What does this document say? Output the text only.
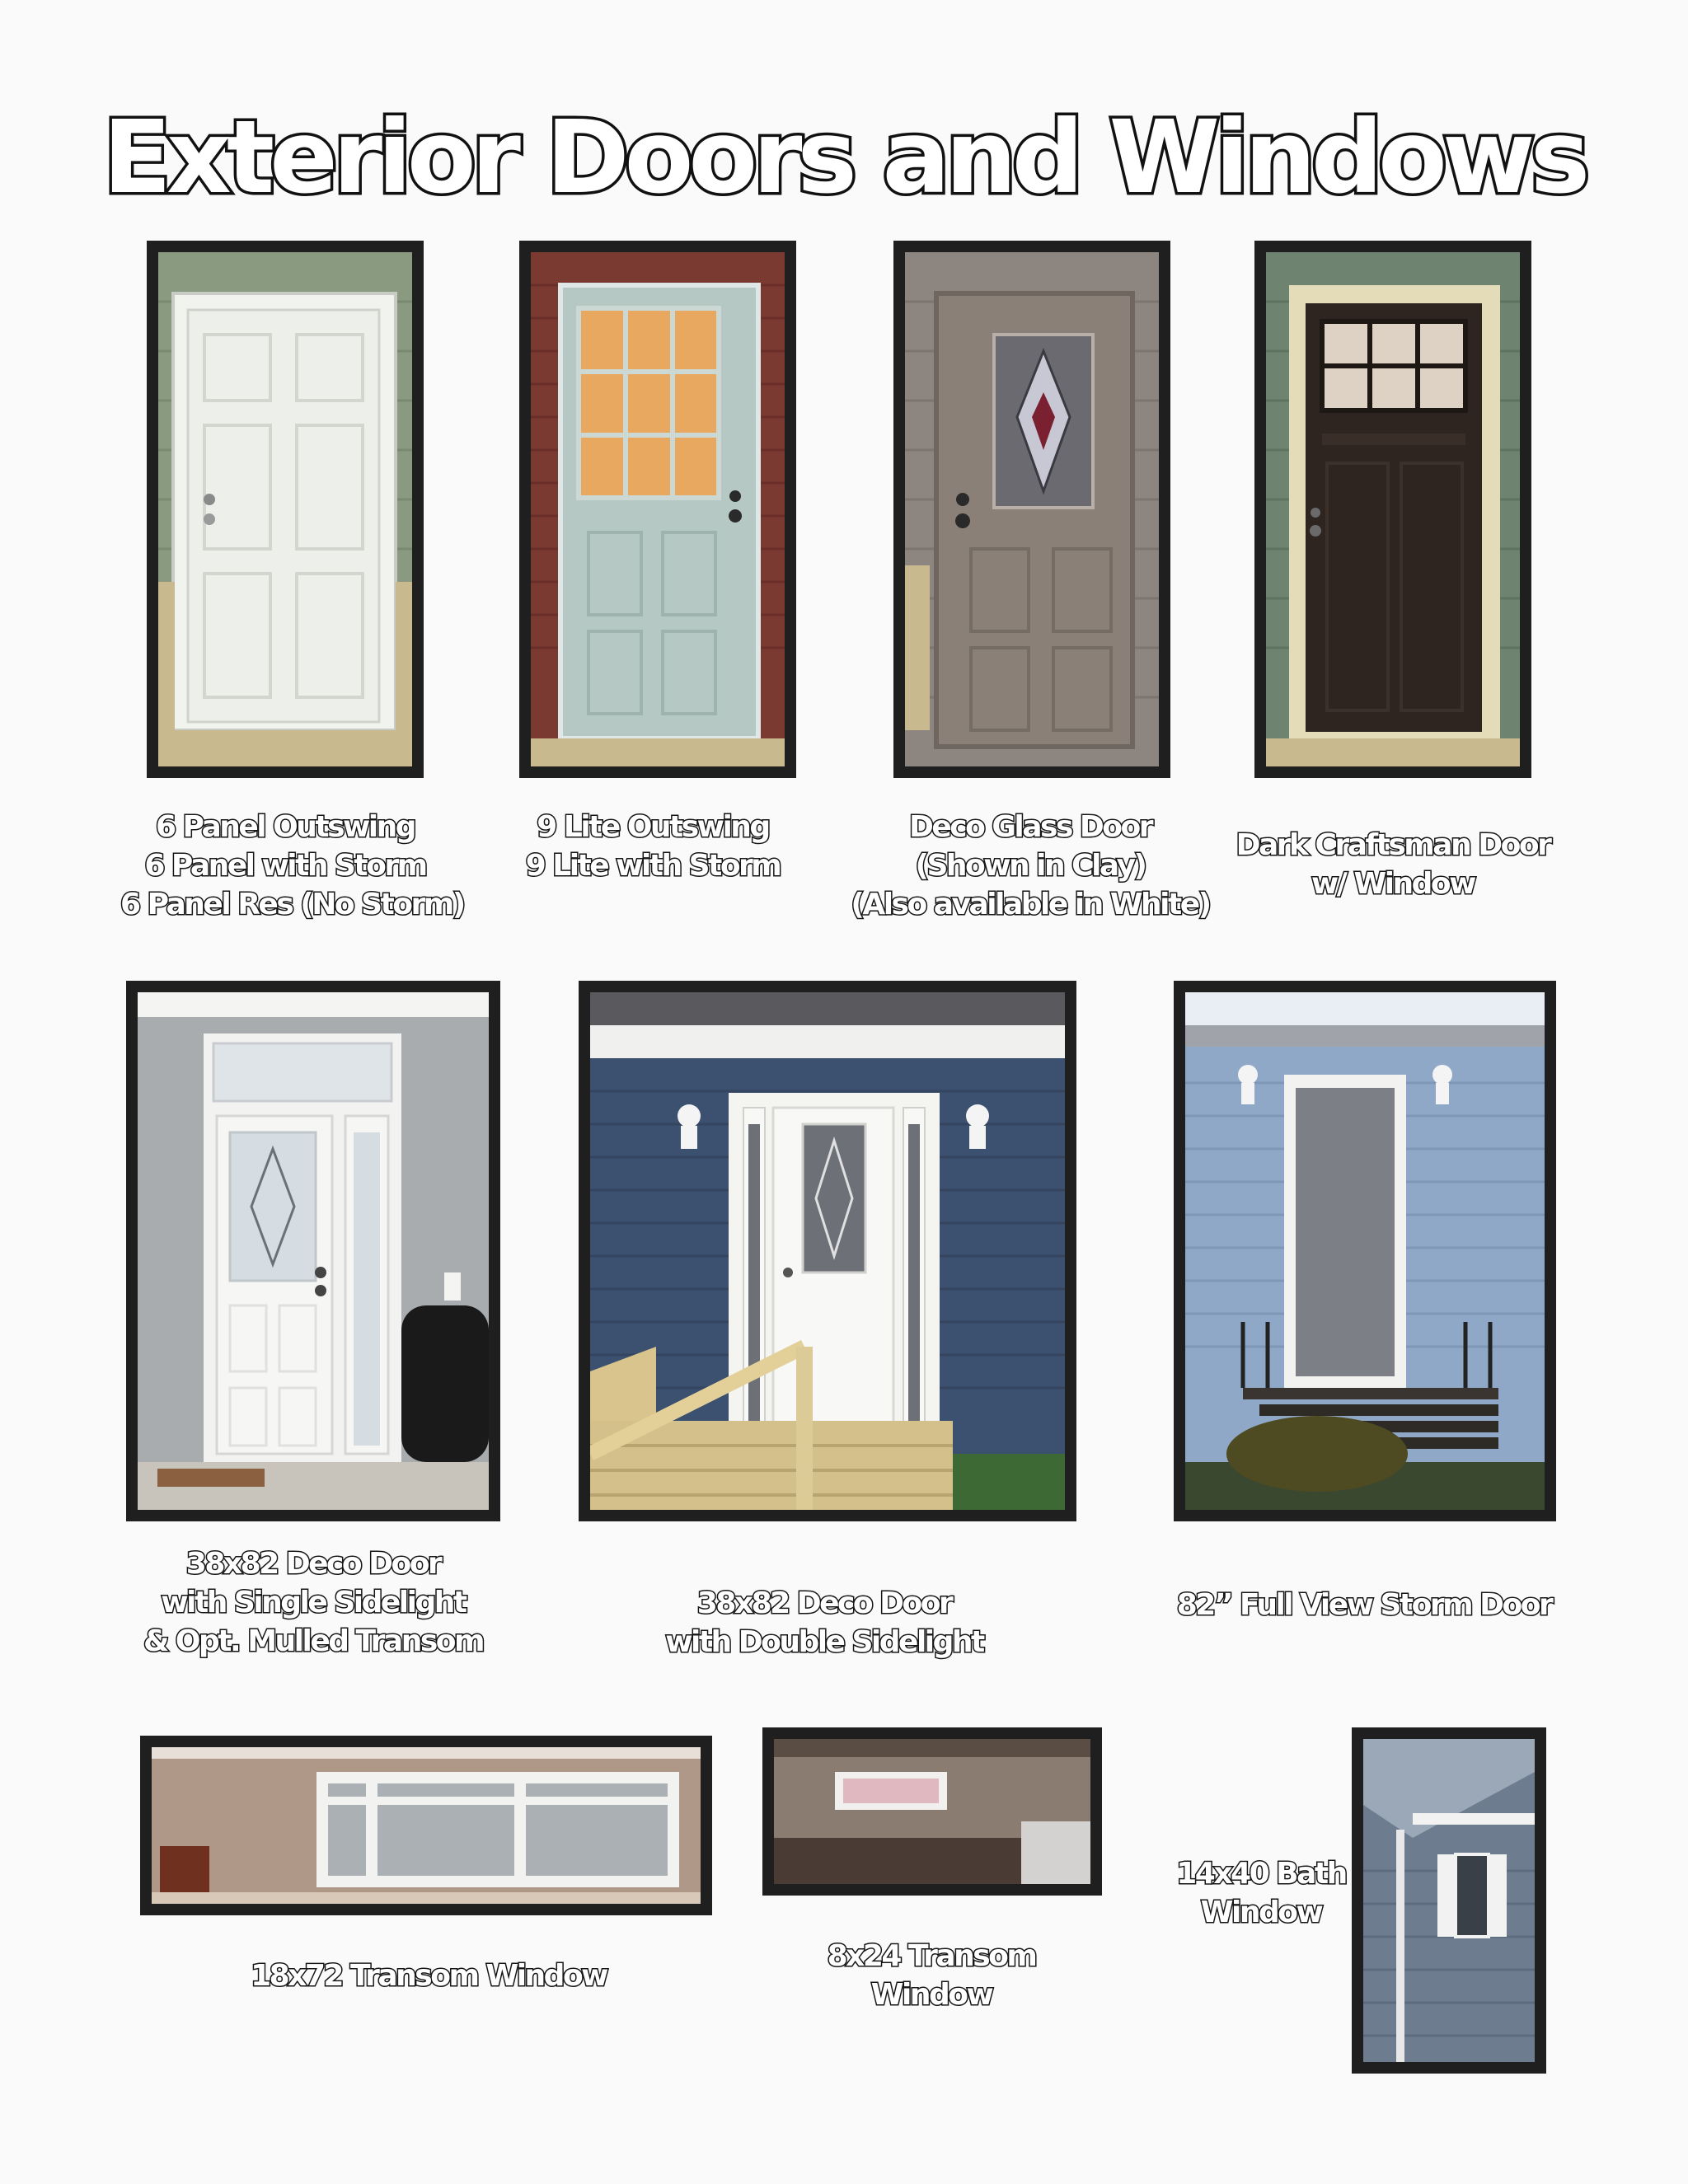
Exterior Doors and Windows
6 Panel Outswing
6 Panel with Storm
6 Panel Res (No Storm)
9 Lite Outswing
9 Lite with Storm
Deco Glass Door
(Shown in Clay)
(Also available in White)
Dark Craftsman Door
w/ Window
38x82 Deco Door
with Single Sidelight
& Opt. Mulled Transom
38x82 Deco Door
with Double Sidelight
82” Full View Storm Door
18x72 Transom Window
8x24 Transom
Window
14x40 Bath
Window
